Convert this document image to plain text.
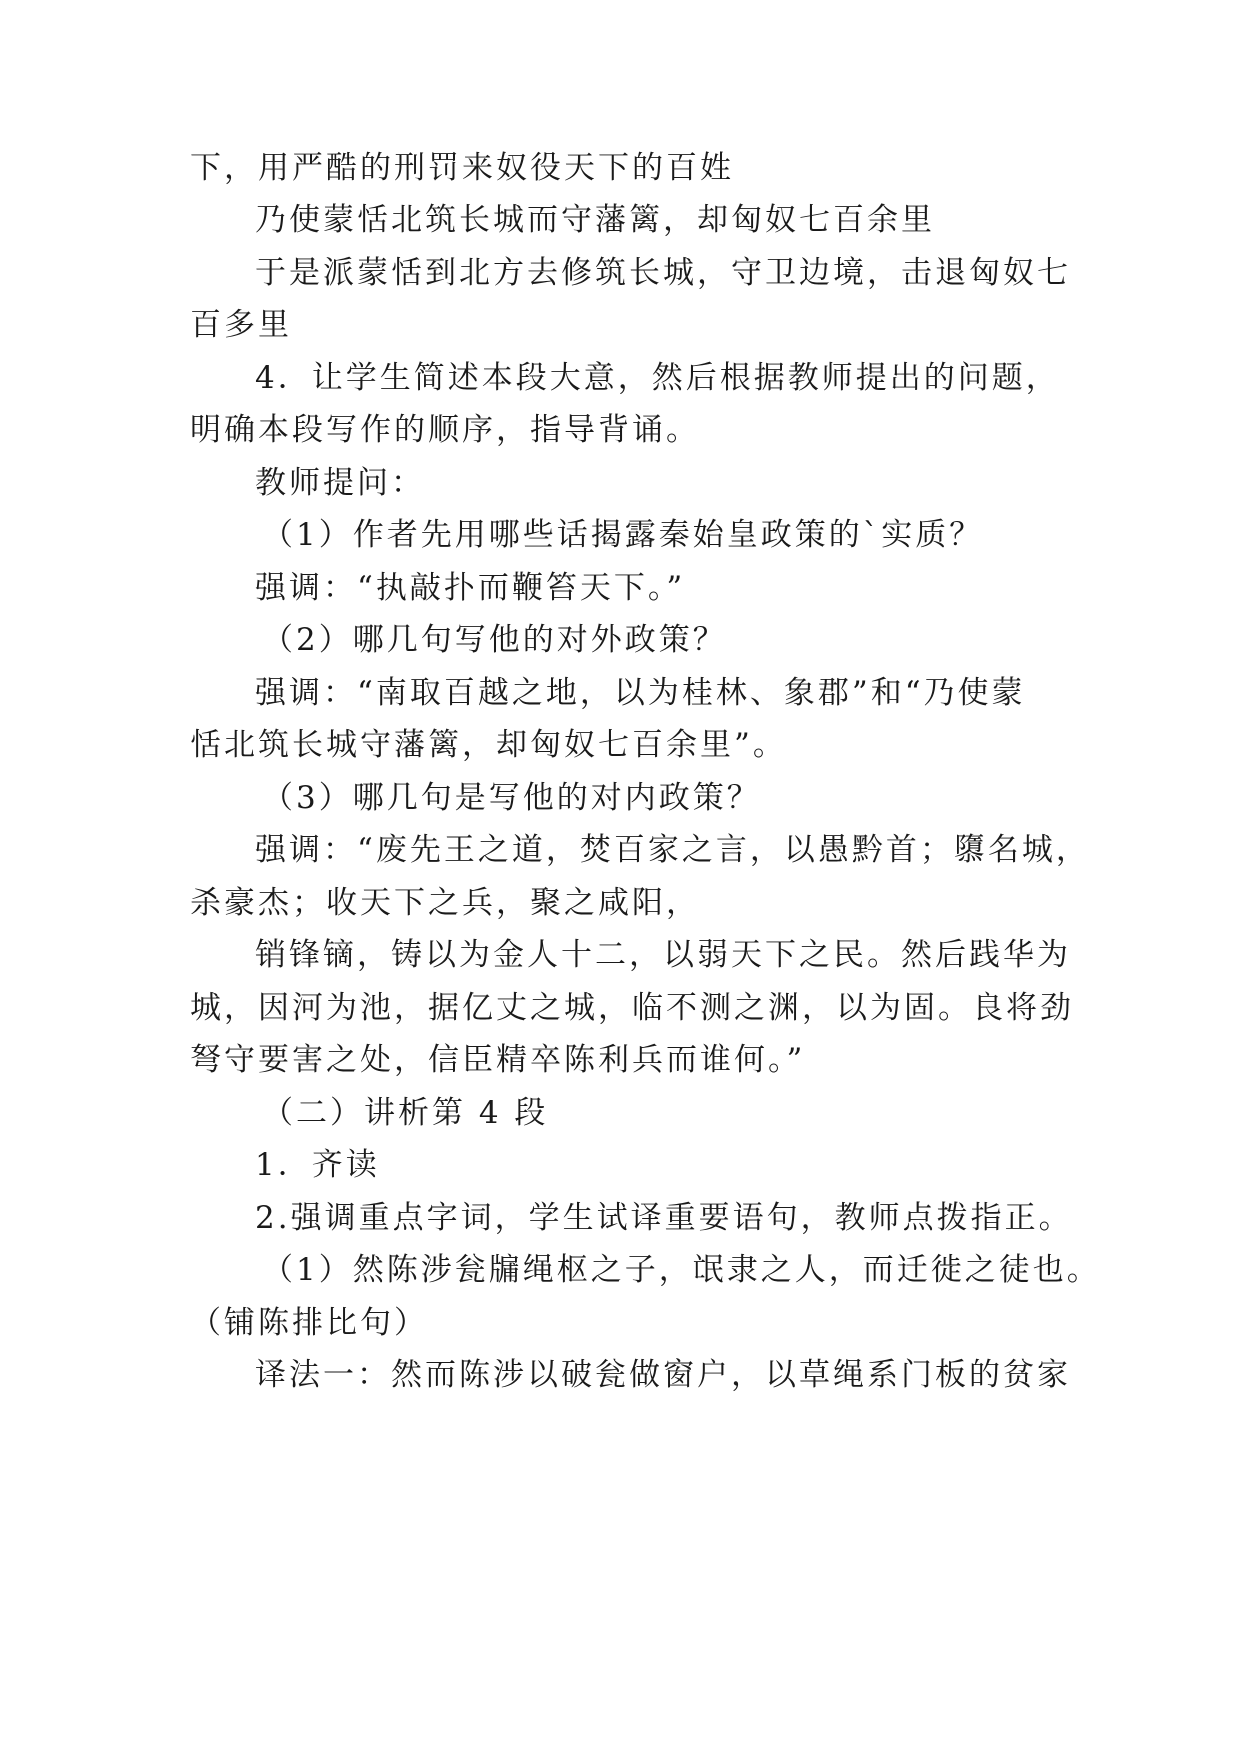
下，用严酷的刑罚来奴役天下的百姓
乃使蒙恬北筑长城而守藩篱，却匈奴七百余里
于是派蒙恬到北方去修筑长城，守卫边境，击退匈奴七
百多里
4．让学生简述本段大意，然后根据教师提出的问题，
明确本段写作的顺序，指导背诵。
教师提问：
（1）作者先用哪些话揭露秦始皇政策的`实质？
强调：“执敲扑而鞭笞天下。”
（2）哪几句写他的对外政策？
强调：“南取百越之地，以为桂林、象郡”和“乃使蒙
恬北筑长城守藩篱，却匈奴七百余里”。
（3）哪几句是写他的对内政策？
强调：“废先王之道，焚百家之言，以愚黔首；隳名城，
杀豪杰；收天下之兵，聚之咸阳，
销锋镝，铸以为金人十二，以弱天下之民。然后践华为
城，因河为池，据亿丈之城，临不测之渊，以为固。良将劲
弩守要害之处，信臣精卒陈利兵而谁何。”
（二）讲析第 4 段
1．齐读
2.强调重点字词，学生试译重要语句，教师点拨指正。
（1）然陈涉瓮牖绳枢之子，氓隶之人，而迁徙之徒也。
（铺陈排比句）
译法一：然而陈涉以破瓮做窗户，以草绳系门板的贫家
